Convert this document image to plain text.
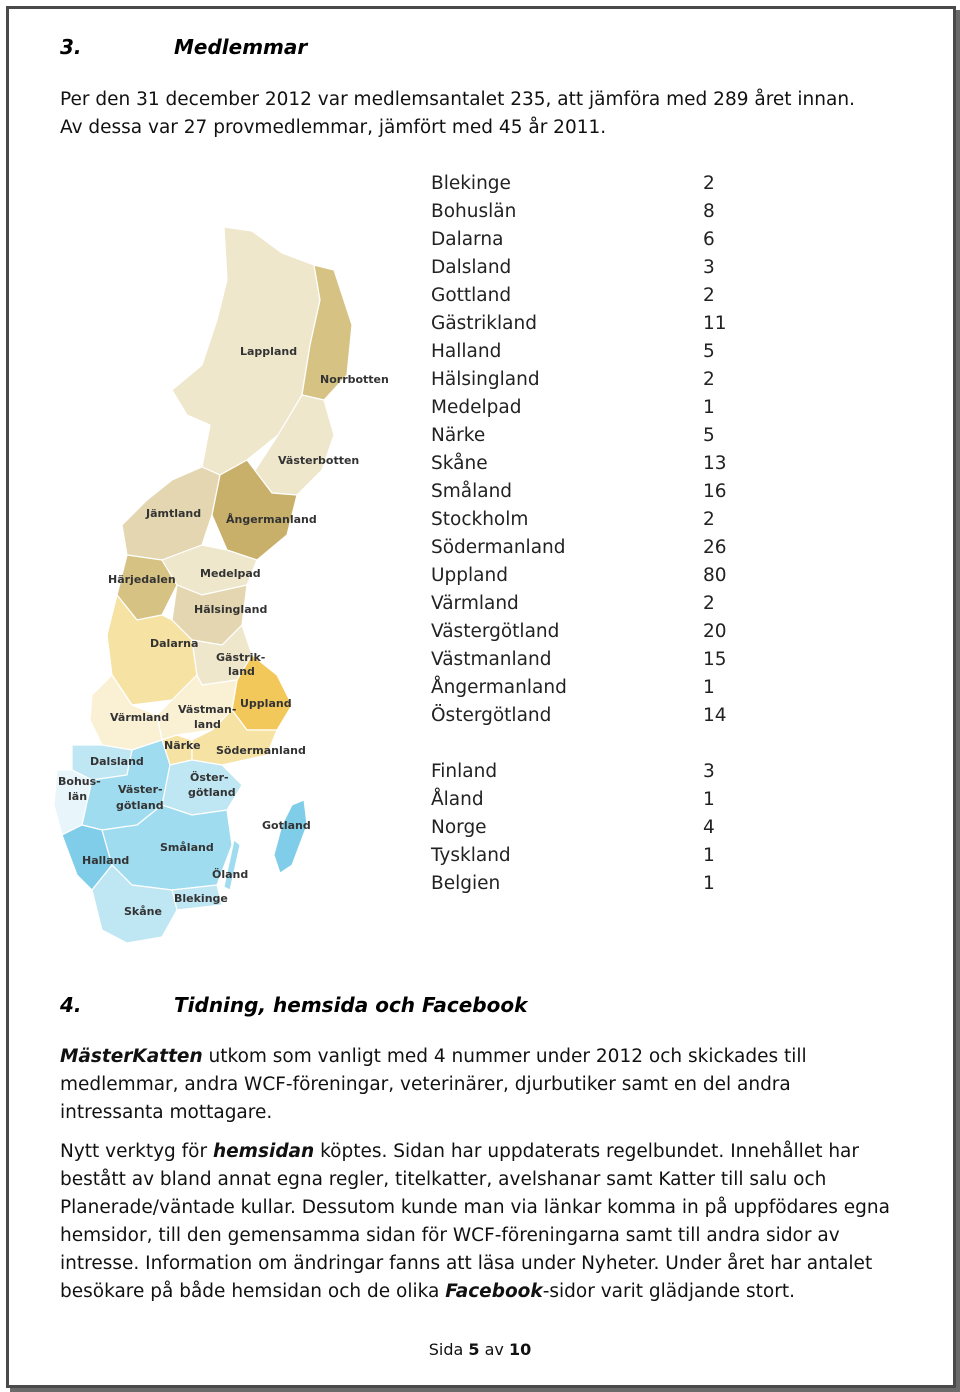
3.	Medlemmar
Per den 31 december 2012 var medlemsantalet 235, att jämföra med 289 året innan.
Av dessa var 27 provmedlemmar, jämfört med 45 år 2011.
Lappland
Norrbotten
Västerbotten
Jämtland Ångermanland
Härjedalen Medelpad
Hälsingland
Dalarna
Gästrik-
land
Uppland
Värmland
Västman-
land
Närke Södermanland
Dalsland
Bohus-
län
Väster-
götland
Öster-
götland
Gotland
Småland
Halland
Öland
Blekinge
Skåne
Blekinge	2
Bohuslän	8
Dalarna	6
Dalsland	3
Gottland	2
Gästrikland	11
Halland	5
Hälsingland	2
Medelpad	1
Närke	5
Skåne	13
Småland	16
Stockholm	2
Södermanland	26
Uppland	80
Värmland	2
Västergötland	20
Västmanland	15
Ångermanland	1
Östergötland	14
Finland	3
Åland	1
Norge	4
Tyskland	1
Belgien	1
4.	Tidning, hemsida och Facebook
MästerKatten utkom som vanligt med 4 nummer under 2012 och skickades till medlemmar, andra WCF-föreningar, veterinärer, djurbutiker samt en del andra intressanta mottagare.
Nytt verktyg för hemsidan köptes. Sidan har uppdaterats regelbundet. Innehållet har bestått av bland annat egna regler, titelkatter, avelshanar samt Katter till salu och Planerade/väntade kullar. Dessutom kunde man via länkar komma in på uppfödares egna hemsidor, till den gemensamma sidan för WCF-föreningarna samt till andra sidor av intresse. Information om ändringar fanns att läsa under Nyheter. Under året har antalet besökare på både hemsidan och de olika Facebook-sidor varit glädjande stort.
Sida 5 av 10
